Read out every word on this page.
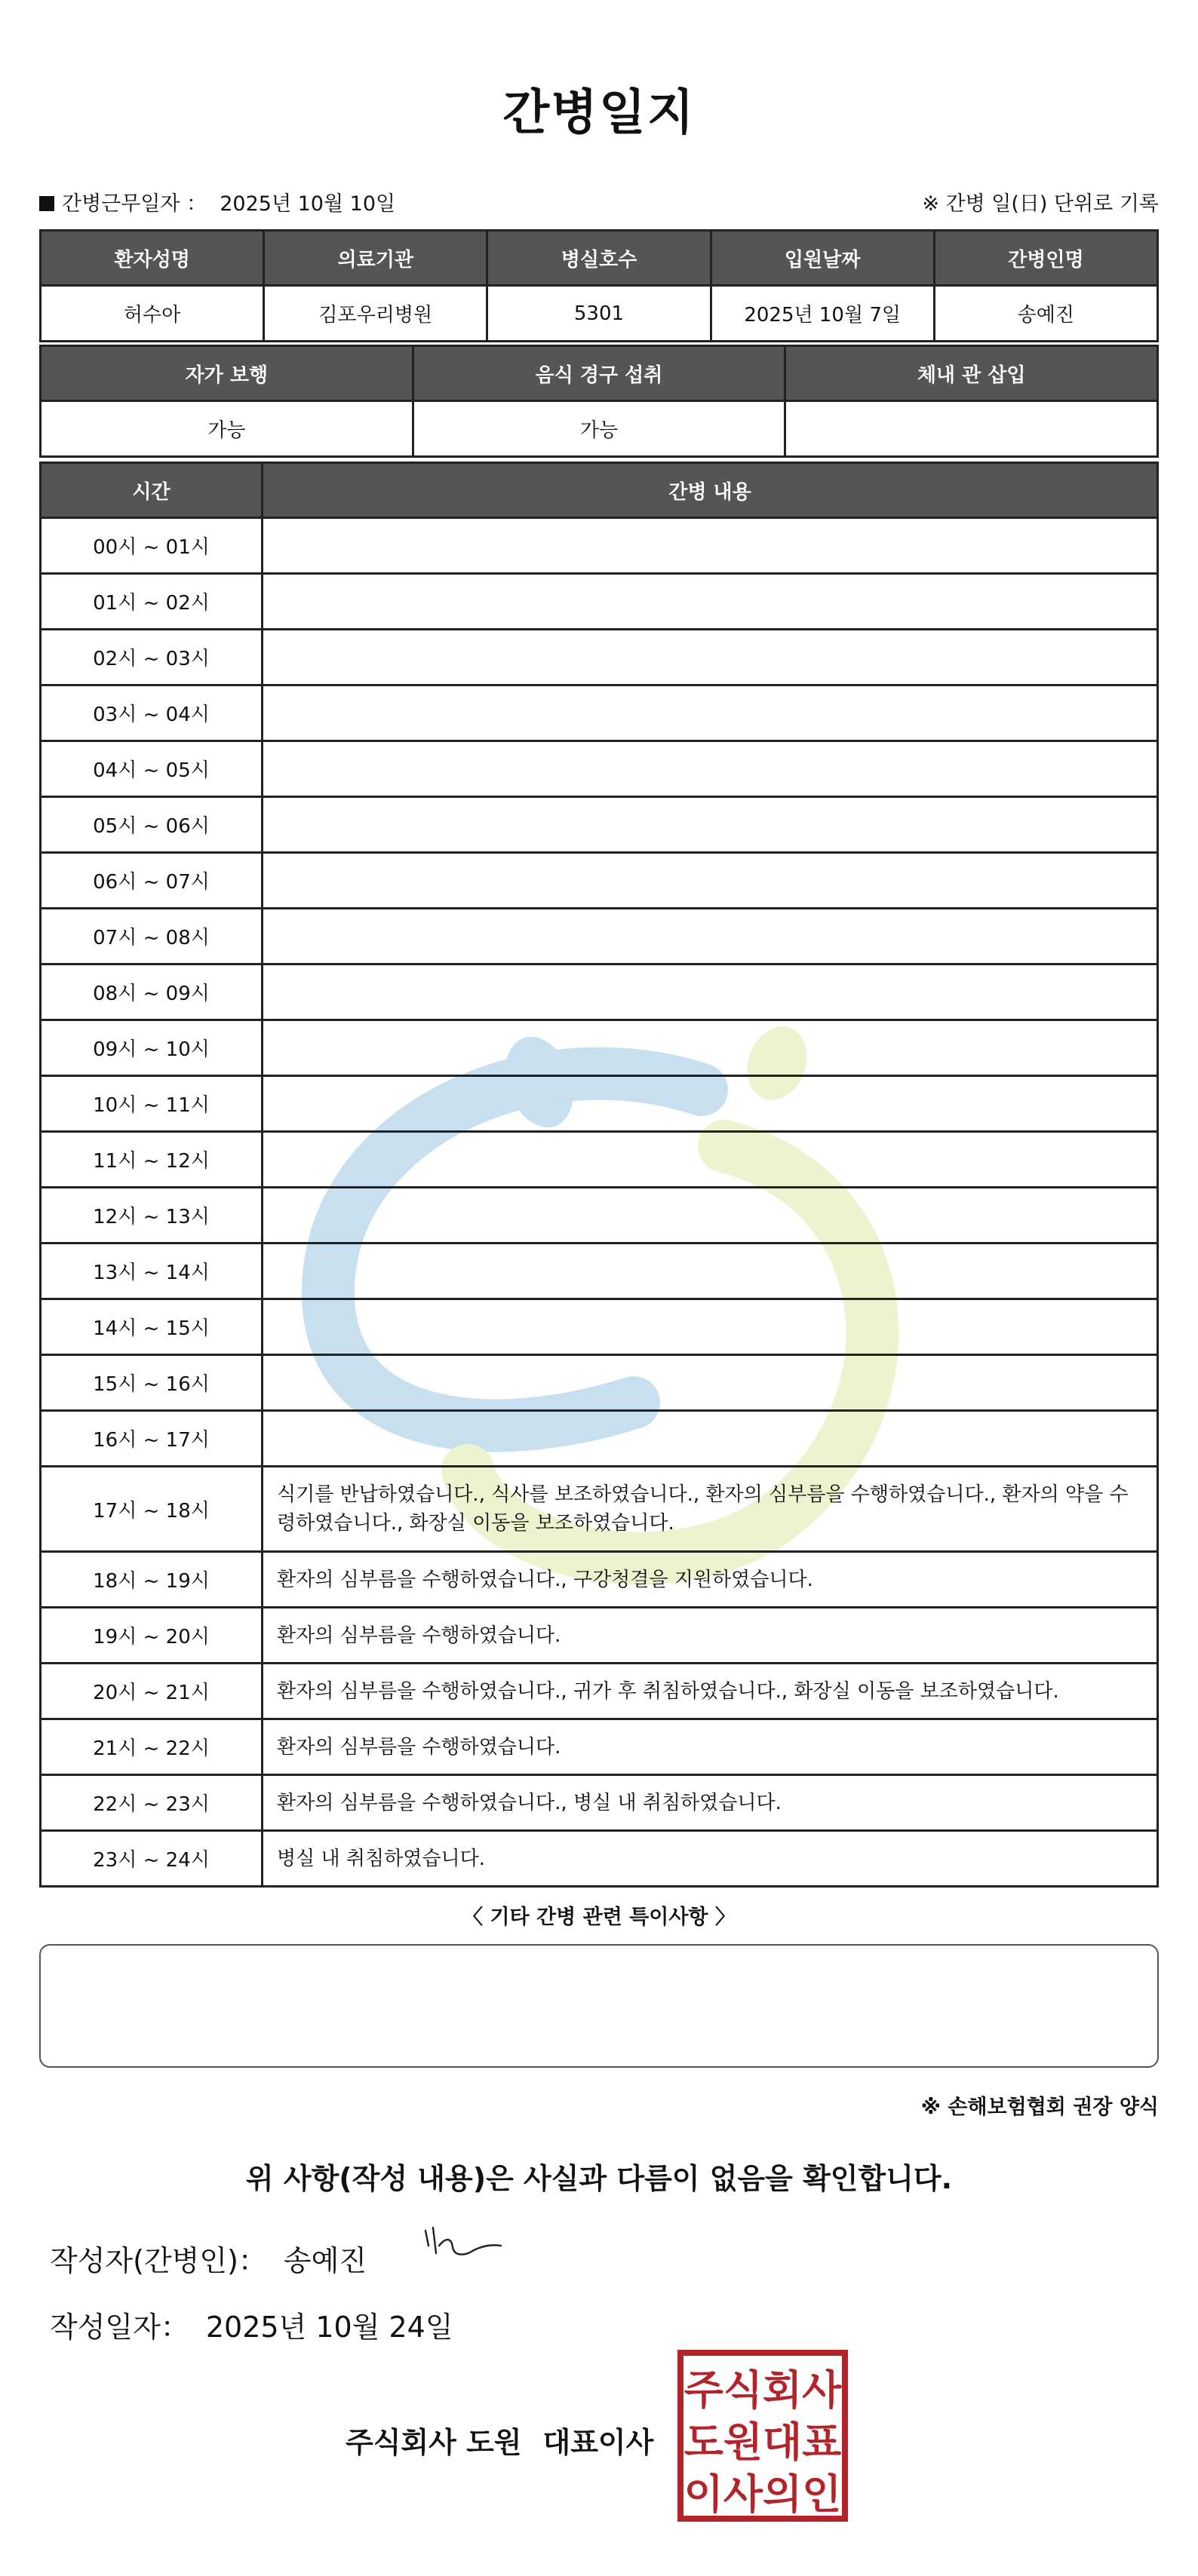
간병일지
간병근무일자 ： 2025년 10월 10일	※ 간병 일(日) 단위로 기록
환자성명	의료기관	병실호수	입원날짜	간병인명
허수아	김포우리병원	5301	2025년 10월 7일	송예진
자가 보행	음식 경구 섭취	체내 관 삽입
가능	가능	
시간	간병 내용
00시 ~ 01시	
01시 ~ 02시	
02시 ~ 03시	
03시 ~ 04시	
04시 ~ 05시	
05시 ~ 06시	
06시 ~ 07시	
07시 ~ 08시	
08시 ~ 09시	
09시 ~ 10시	
10시 ~ 11시	
11시 ~ 12시	
12시 ~ 13시	
13시 ~ 14시	
14시 ~ 15시	
15시 ~ 16시	
16시 ~ 17시	
17시 ~ 18시	식기를 반납하였습니다., 식사를 보조하였습니다., 환자의 심부름을 수행하였습니다., 환자의 약을 수령하였습니다., 화장실 이동을 보조하였습니다.
18시 ~ 19시	환자의 심부름을 수행하였습니다., 구강청결을 지원하였습니다.
19시 ~ 20시	환자의 심부름을 수행하였습니다.
20시 ~ 21시	환자의 심부름을 수행하였습니다., 귀가 후 취침하였습니다., 화장실 이동을 보조하였습니다.
21시 ~ 22시	환자의 심부름을 수행하였습니다.
22시 ~ 23시	환자의 심부름을 수행하였습니다., 병실 내 취침하였습니다.
23시 ~ 24시	병실 내 취침하였습니다.
〈 기타 간병 관련 특이사항 〉
※ 손해보험협회 권장 양식
위 사항(작성 내용)은 사실과 다름이 없음을 확인합니다.
작성자(간병인)： 송예진
작성일자： 2025년 10월 24일
주식회사 도원 대표이사
주식회사
도원대표
이사의인
